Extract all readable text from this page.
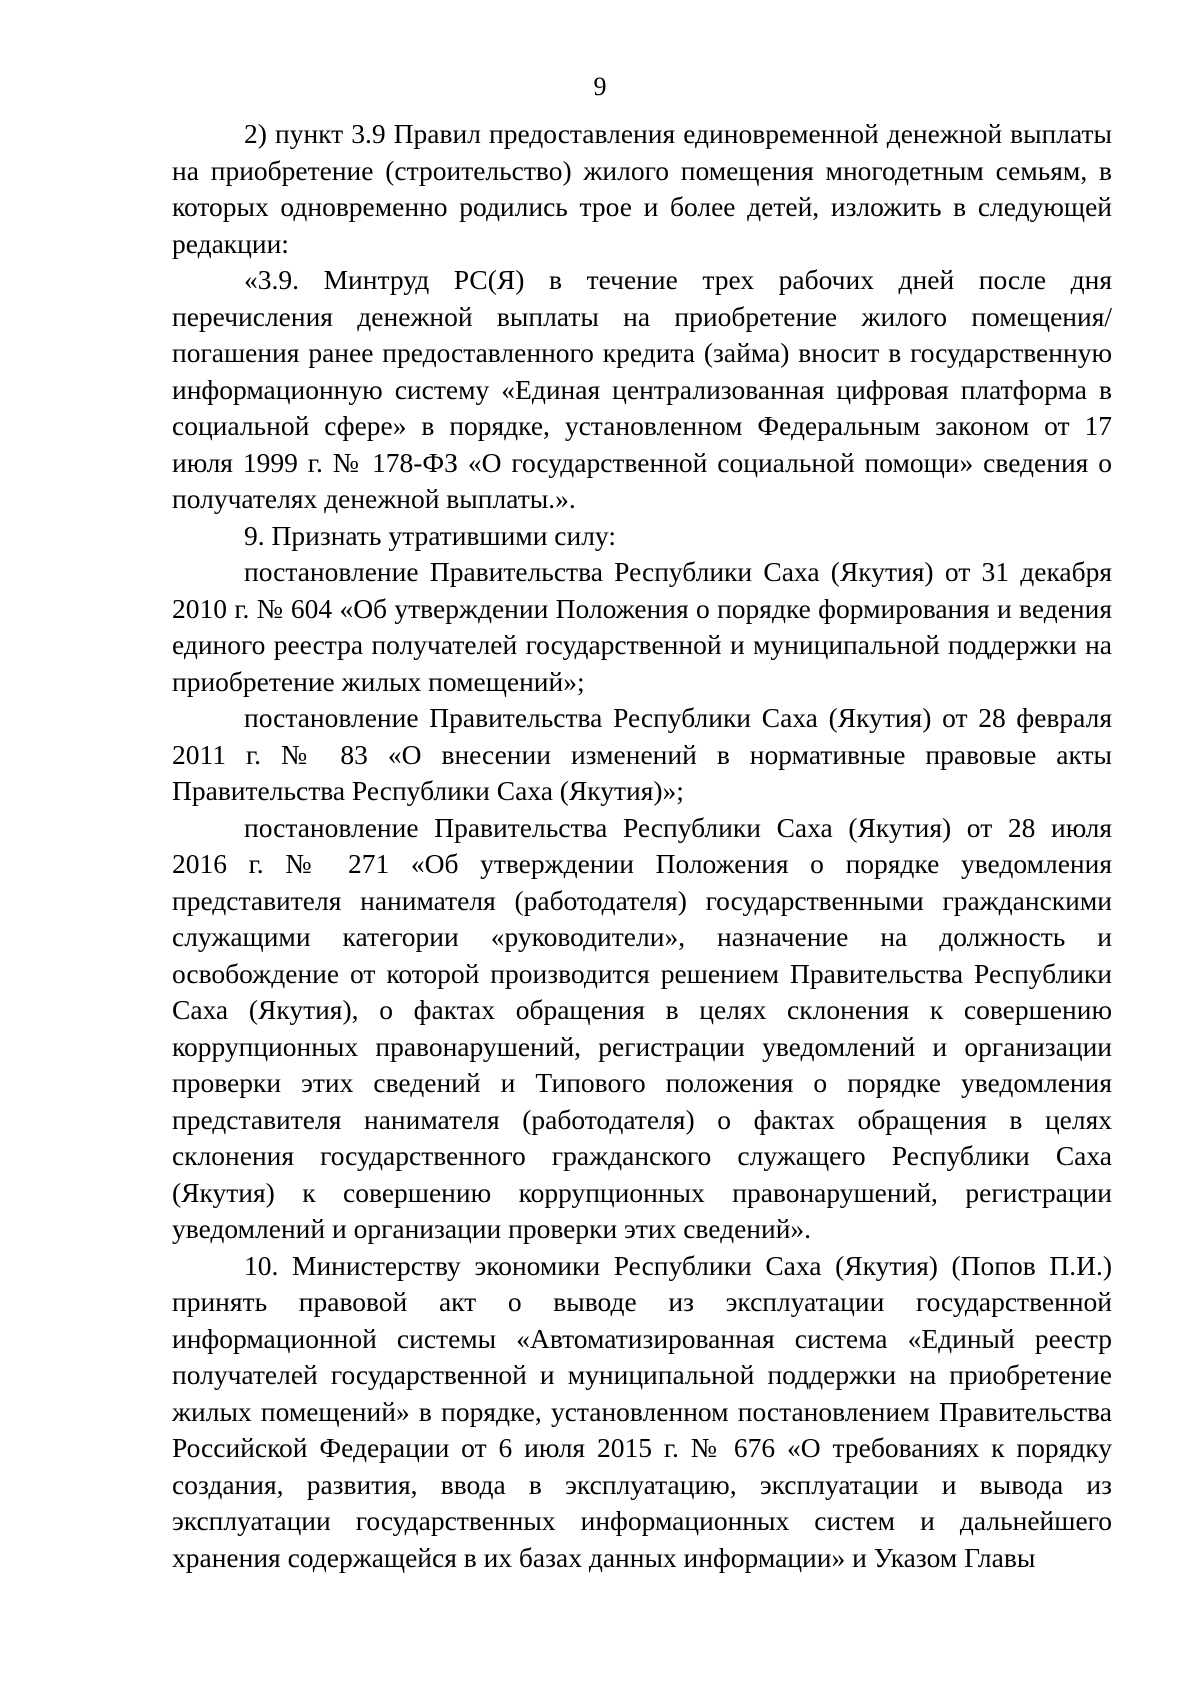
9

2) пункт 3.9 Правил предоставления единовременной денежной выплаты на приобретение (строительство) жилого помещения многодетным семьям, в которых одновременно родились трое и более детей, изложить в следующей редакции:

«3.9. Минтруд РС(Я) в течение трех рабочих дней после дня перечисления денежной выплаты на приобретение жилого помещения/погашения ранее предоставленного кредита (займа) вносит в государственную информационную систему «Единая централизованная цифровая платформа в социальной сфере» в порядке, установленном Федеральным законом от 17 июля 1999 г. № 178-ФЗ «О государственной социальной помощи» сведения о получателях денежной выплаты.».

9. Признать утратившими силу:

постановление Правительства Республики Саха (Якутия) от 31 декабря 2010 г. № 604 «Об утверждении Положения о порядке формирования и ведения единого реестра получателей государственной и муниципальной поддержки на приобретение жилых помещений»;

постановление Правительства Республики Саха (Якутия) от 28 февраля 2011 г. № 83 «О внесении изменений в нормативные правовые акты Правительства Республики Саха (Якутия)»;

постановление Правительства Республики Саха (Якутия) от 28 июля 2016 г. № 271 «Об утверждении Положения о порядке уведомления представителя нанимателя (работодателя) государственными гражданскими служащими категории «руководители», назначение на должность и освобождение от которой производится решением Правительства Республики Саха (Якутия), о фактах обращения в целях склонения к совершению коррупционных правонарушений, регистрации уведомлений и организации проверки этих сведений и Типового положения о порядке уведомления представителя нанимателя (работодателя) о фактах обращения в целях склонения государственного гражданского служащего Республики Саха (Якутия) к совершению коррупционных правонарушений, регистрации уведомлений и организации проверки этих сведений».

10. Министерству экономики Республики Саха (Якутия) (Попов П.И.) принять правовой акт о выводе из эксплуатации государственной информационной системы «Автоматизированная система «Единый реестр получателей государственной и муниципальной поддержки на приобретение жилых помещений» в порядке, установленном постановлением Правительства Российской Федерации от 6 июля 2015 г. № 676 «О требованиях к порядку создания, развития, ввода в эксплуатацию, эксплуатации и вывода из эксплуатации государственных информационных систем и дальнейшего хранения содержащейся в их базах данных информации» и Указом Главы
